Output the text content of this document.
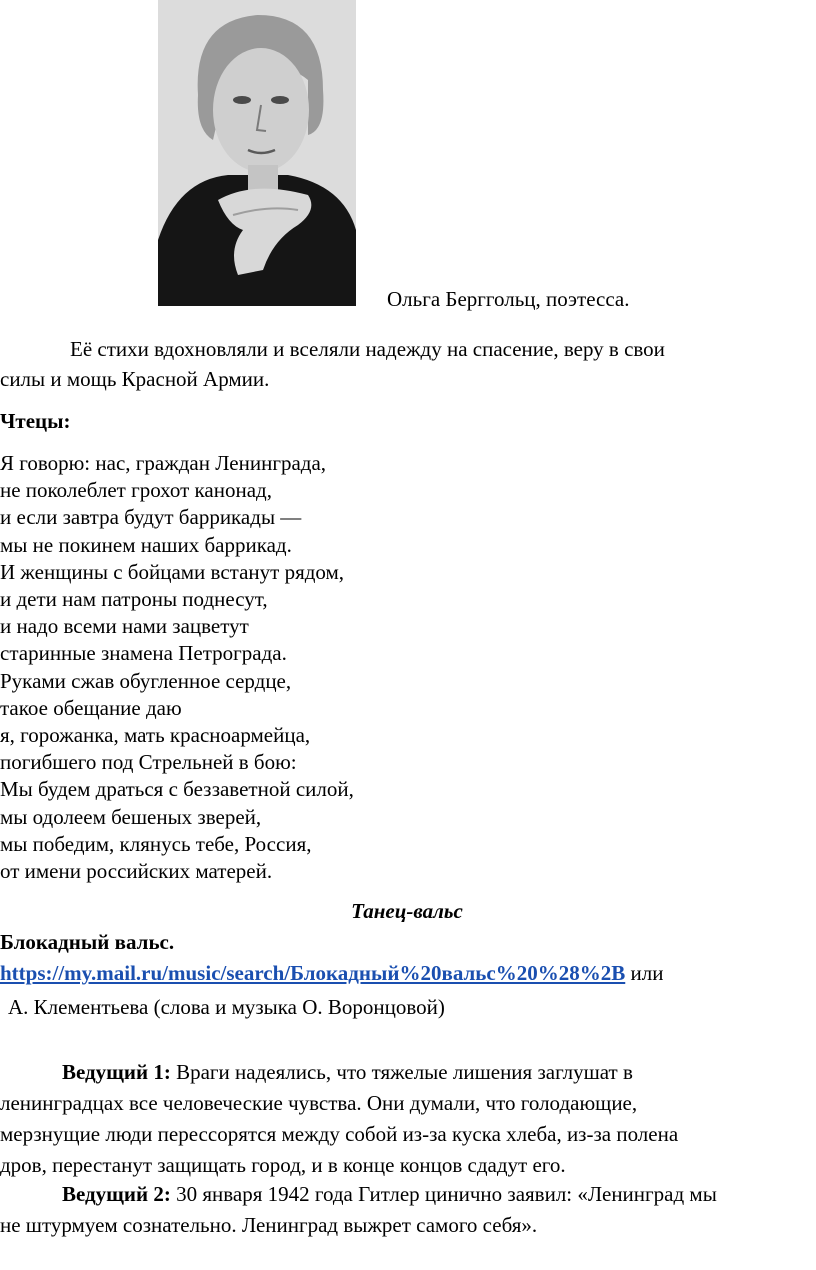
Ольга Берггольц, поэтесса.
Её стихи вдохновляли и вселяли надежду на спасение, веру в свои
силы и мощь Красной Армии.
Чтецы:
Я говорю: нас, граждан Ленинграда,
не поколеблет грохот канонад,
и если завтра будут баррикады —
мы не покинем наших баррикад.
И женщины с бойцами встанут рядом,
и дети нам патроны поднесут,
и надо всеми нами зацветут
старинные знамена Петрограда.
Руками сжав обугленное сердце,
такое обещание даю
я, горожанка, мать красноармейца,
погибшего под Стрельней в бою:
Мы будем драться с беззаветной силой,
мы одолеем бешеных зверей,
мы победим, клянусь тебе, Россия,
от имени российских матерей.
Танец-вальс
Блокадный вальс.
https://my.mail.ru/music/search/Блокадный%20вальс%20%28%2B или
А. Клементьева (слова и музыка О. Воронцовой)
Ведущий 1: Враги надеялись, что тяжелые лишения заглушат в
ленинградцах все человеческие чувства. Они думали, что голодающие,
мерзнущие люди перессорятся между собой из-за куска хлеба, из-за полена
дров, перестанут защищать город, и в конце концов сдадут его.
Ведущий 2: 30 января 1942 года Гитлер цинично заявил: «Ленинград мы
не штурмуем сознательно. Ленинград выжрет самого себя».
